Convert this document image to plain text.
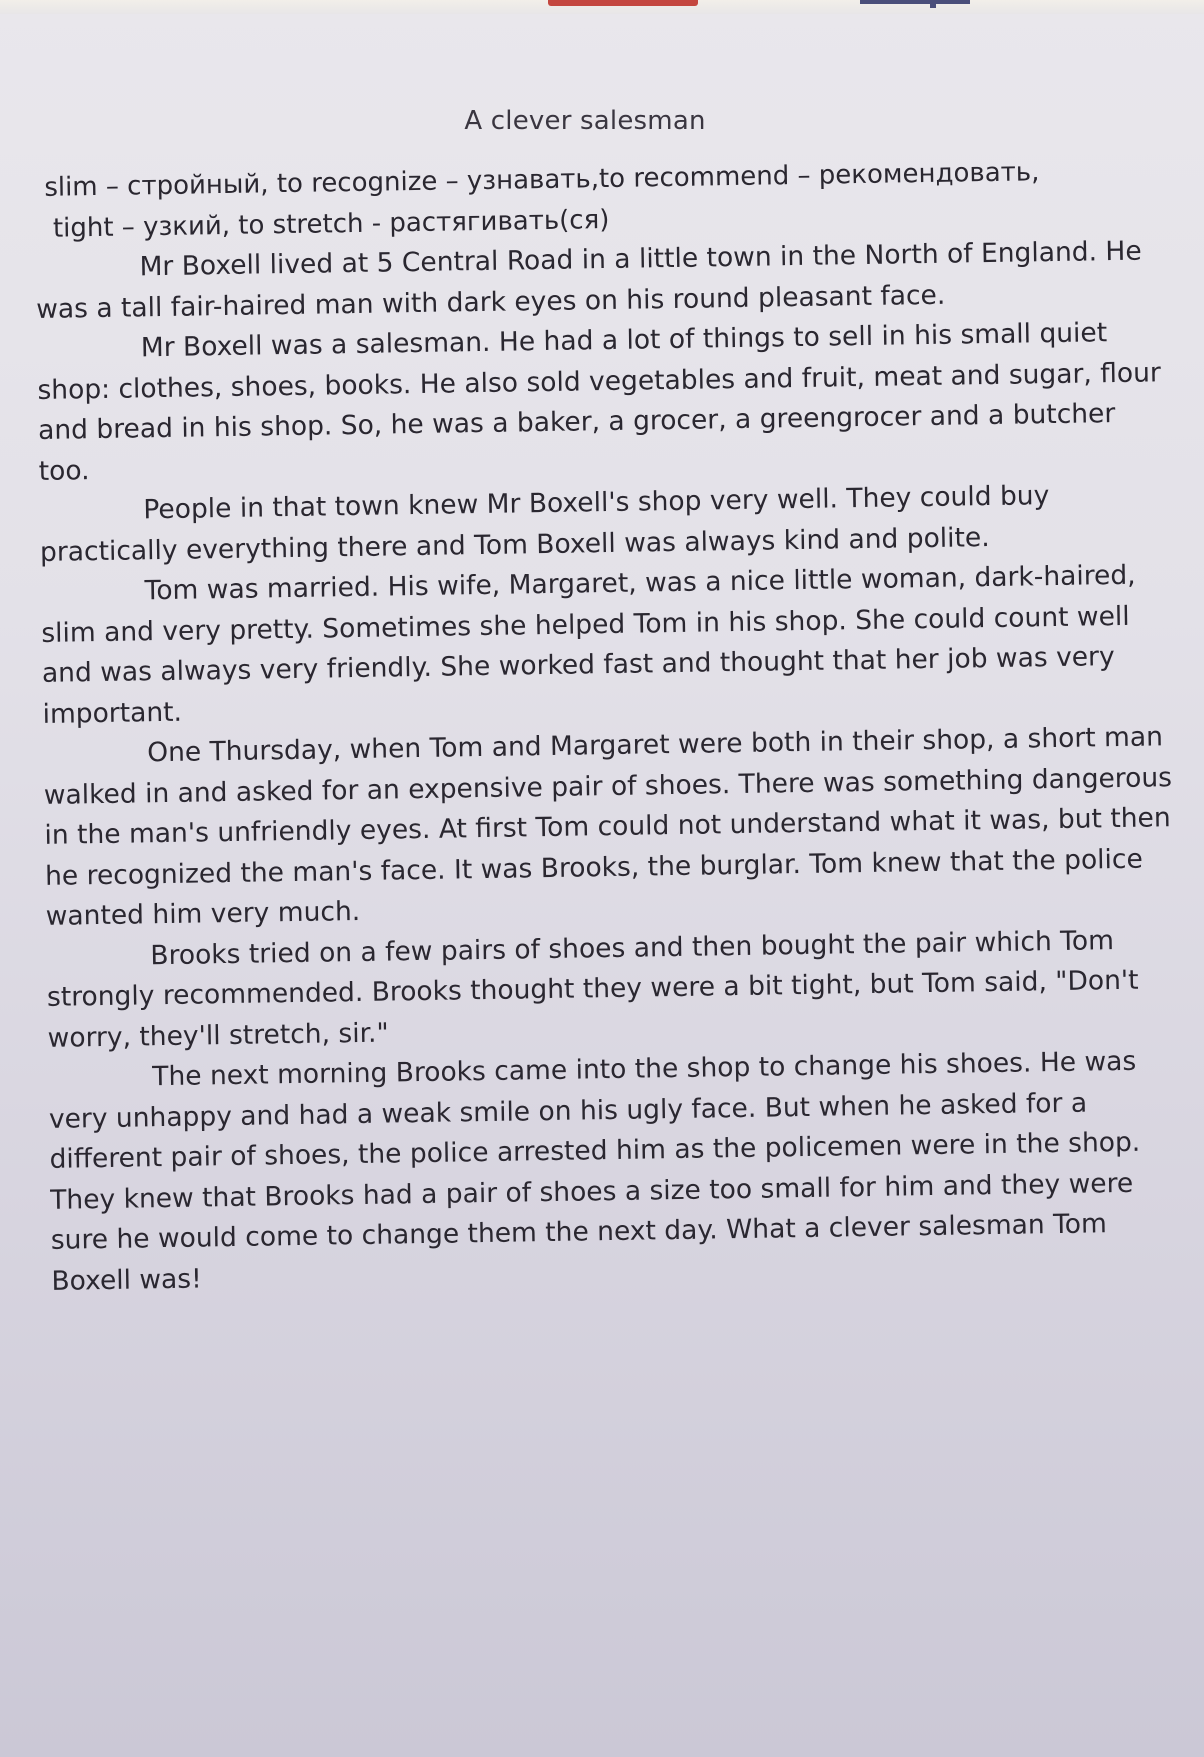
A clever salesman

slim – стройный, to recognize – узнавать,to recommend – рекомендовать,

tight – узкий, to stretch - растягивать(ся)

Mr Boxell lived at 5 Central Road in a little town in the North of England. He was a tall fair-haired man with dark eyes on his round pleasant face.

Mr Boxell was a salesman. He had a lot of things to sell in his small quiet shop: clothes, shoes, books. He also sold vegetables and fruit, meat and sugar, flour and bread in his shop. So, he was a baker, a grocer, a greengrocer and a butcher too.

People in that town knew Mr Boxell's shop very well. They could buy practically everything there and Tom Boxell was always kind and polite.

Tom was married. His wife, Margaret, was a nice little woman, dark-haired, slim and very pretty. Sometimes she helped Tom in his shop. She could count well and was always very friendly. She worked fast and thought that her job was very important.

One Thursday, when Tom and Margaret were both in their shop, a short man walked in and asked for an expensive pair of shoes. There was something dangerous in the man's unfriendly eyes. At first Tom could not understand what it was, but then he recognized the man's face. It was Brooks, the burglar. Tom knew that the police wanted him very much.

Brooks tried on a few pairs of shoes and then bought the pair which Tom strongly recommended. Brooks thought they were a bit tight, but Tom said, "Don't worry, they'll stretch, sir."

The next morning Brooks came into the shop to change his shoes. He was very unhappy and had a weak smile on his ugly face. But when he asked for a different pair of shoes, the police arrested him as the policemen were in the shop. They knew that Brooks had a pair of shoes a size too small for him and they were sure he would come to change them the next day. What a clever salesman Tom Boxell was!
